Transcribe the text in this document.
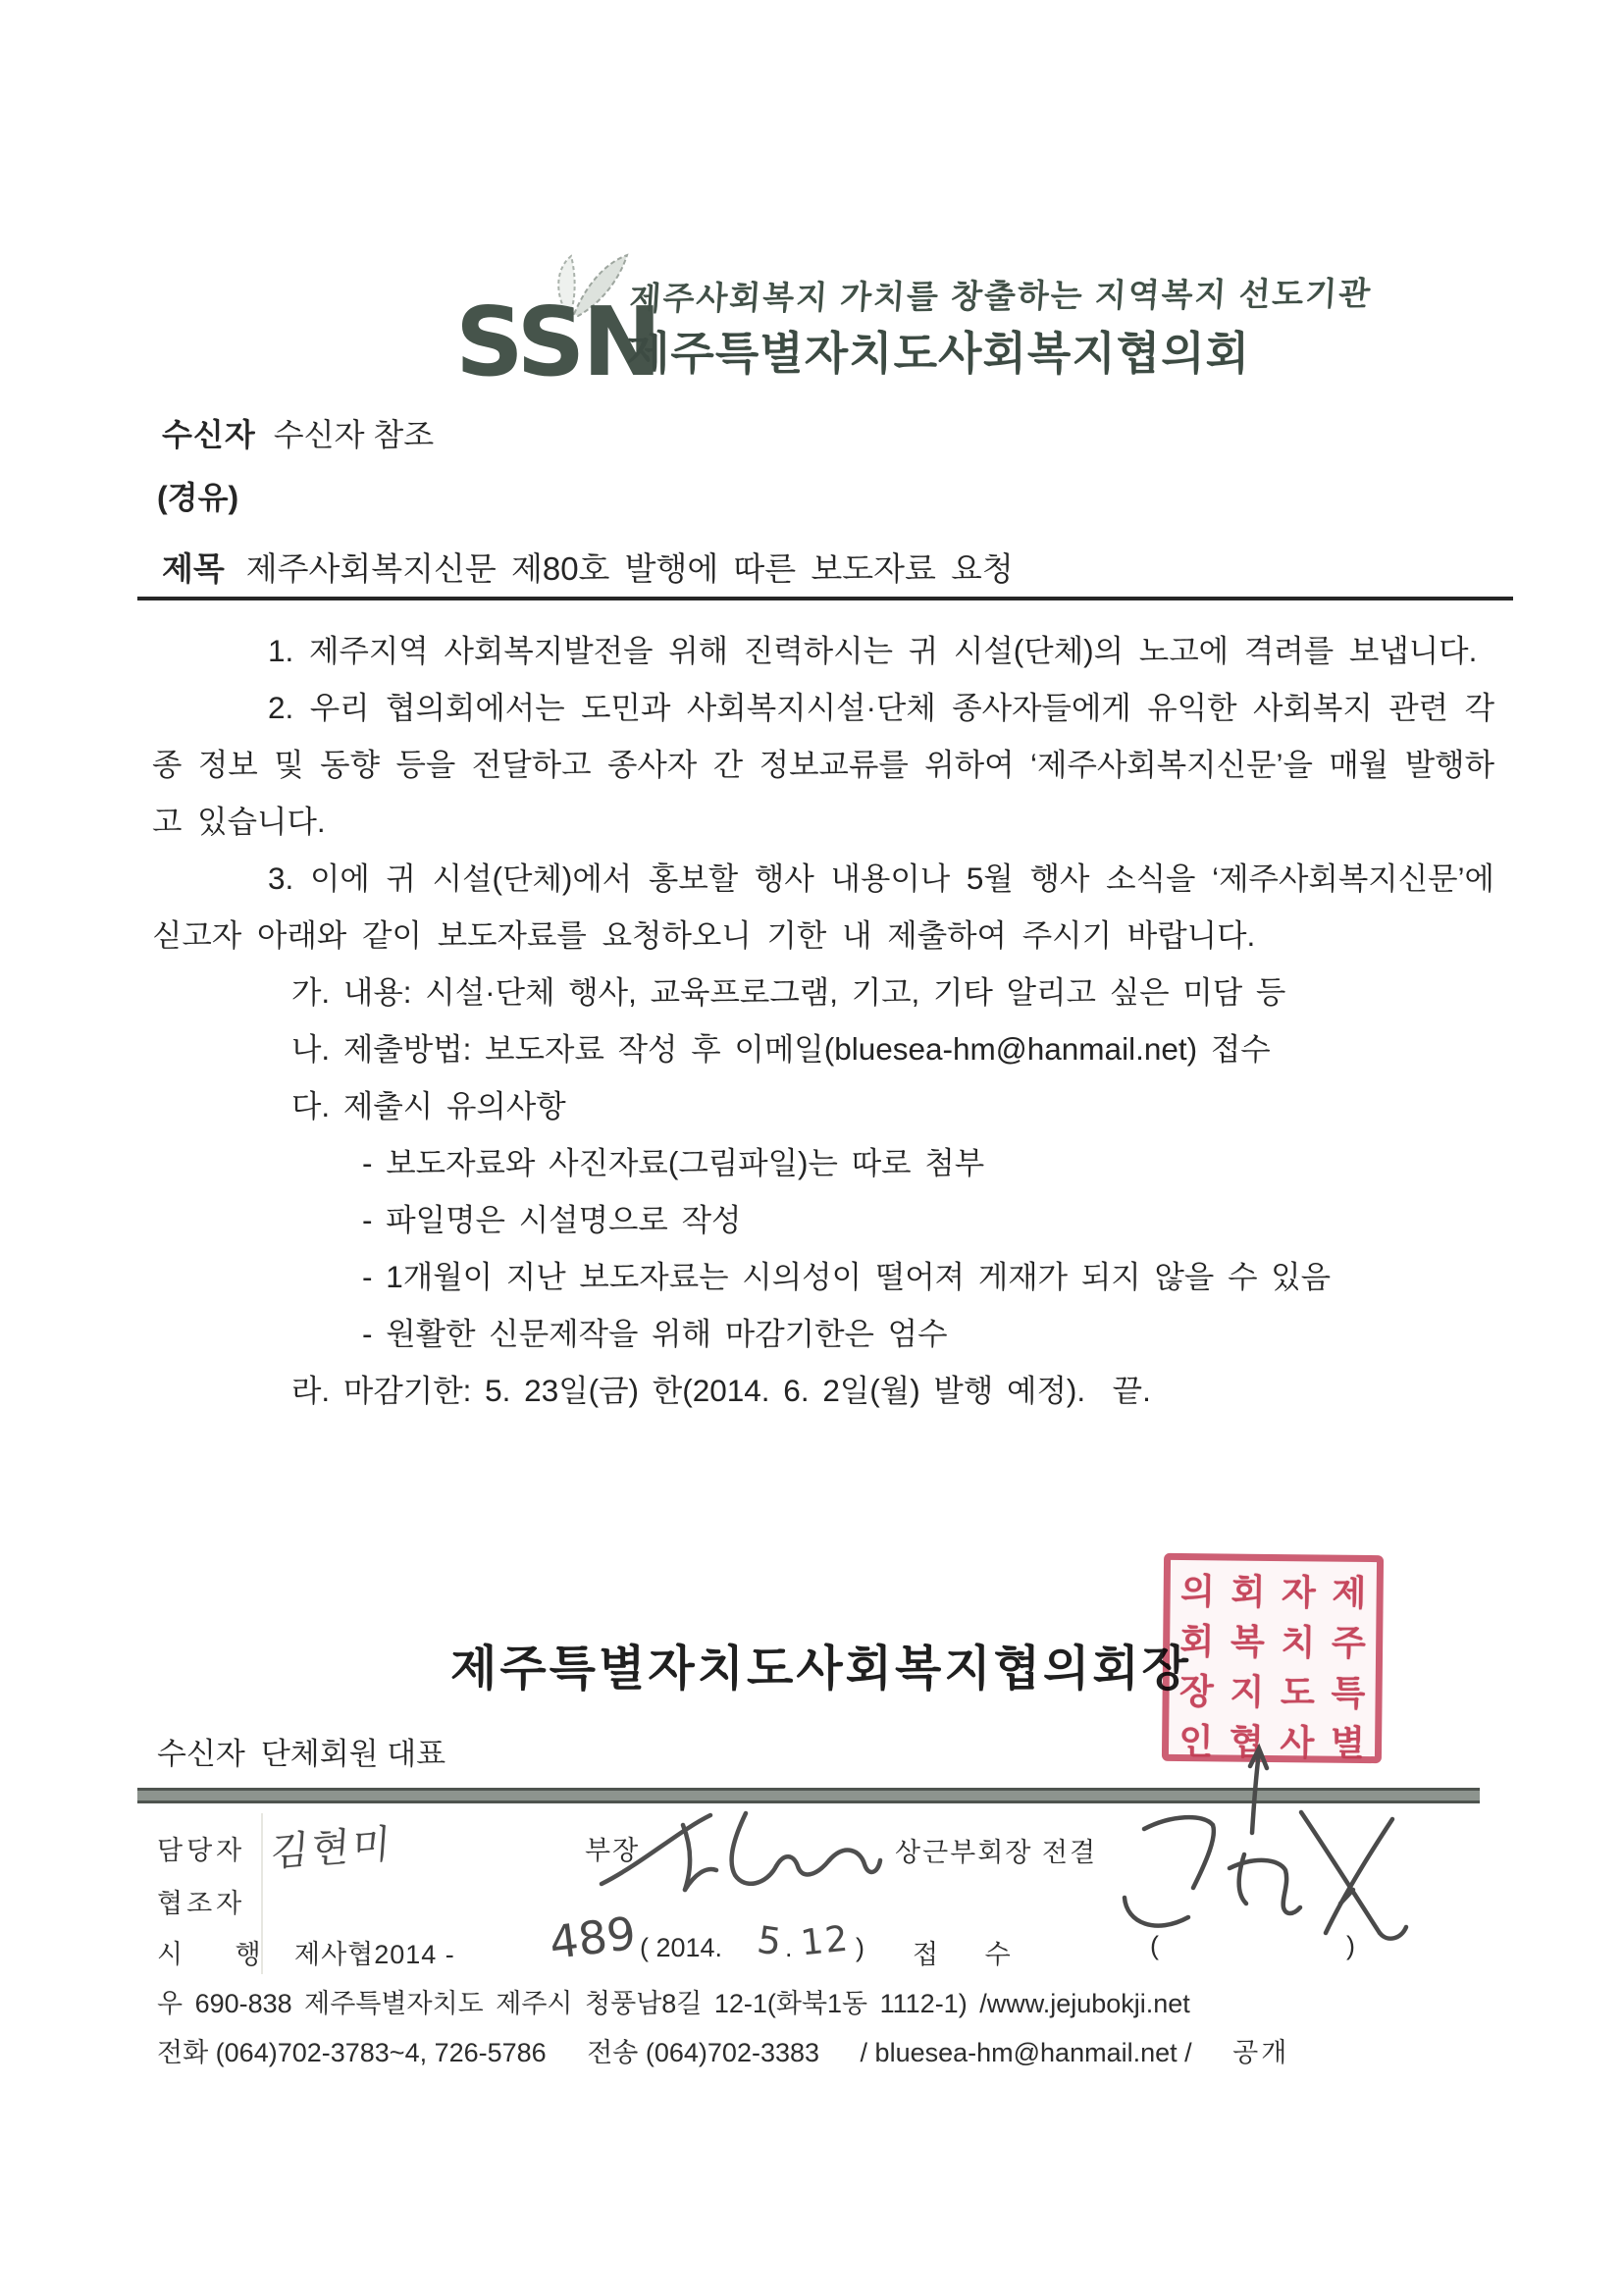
SSN
제주사회복지 가치를 창출하는 지역복지 선도기관
제주특별자치도사회복지협의회
수신자 수신자 참조
(경유)
제목 제주사회복지신문 제80호 발행에 따른 보도자료 요청

1. 제주지역 사회복지발전을 위해 진력하시는 귀 시설(단체)의 노고에 격려를 보냅니다.

2. 우리 협의회에서는 도민과 사회복지시설·단체 종사자들에게 유익한 사회복지 관련 각종 정보 및 동향 등을 전달하고 종사자 간 정보교류를 위하여 ‘제주사회복지신문’을 매월 발행하고 있습니다.

3. 이에 귀 시설(단체)에서 홍보할 행사 내용이나 5월 행사 소식을 ‘제주사회복지신문’에 싣고자 아래와 같이 보도자료를 요청하오니 기한 내 제출하여 주시기 바랍니다.

가. 내용: 시설·단체 행사, 교육프로그램, 기고, 기타 알리고 싶은 미담 등
나. 제출방법: 보도자료 작성 후 이메일(bluesea-hm@hanmail.net) 접수
다. 제출시 유의사항
- 보도자료와 사진자료(그림파일)는 따로 첨부
- 파일명은 시설명으로 작성
- 1개월이 지난 보도자료는 시의성이 떨어져 게재가 되지 않을 수 있음
- 원활한 신문제작을 위해 마감기한은 엄수
라. 마감기한: 5. 23일(금) 한(2014. 6. 2일(월) 발행 예정).  끝.
제주특별자치도사회복지협의회장
제
주
특
별
자
치
도
사
회
복
지
협
의
회
장
인
수신자 단체회원 대표
담당자 김현미	부장	상근부회장 전결
협조자
시 행 제사협2014 - 489 ( 2014. 5 . 12 ) 접 수	(	)
우 690-838 제주특별자치도 제주시 청풍남8길 12-1(화북1동 1112-1) /www.jejubokji.net
전화 (064)702-3783~4, 726-5786 전송 (064)702-3383 / bluesea-hm@hanmail.net / 공개
